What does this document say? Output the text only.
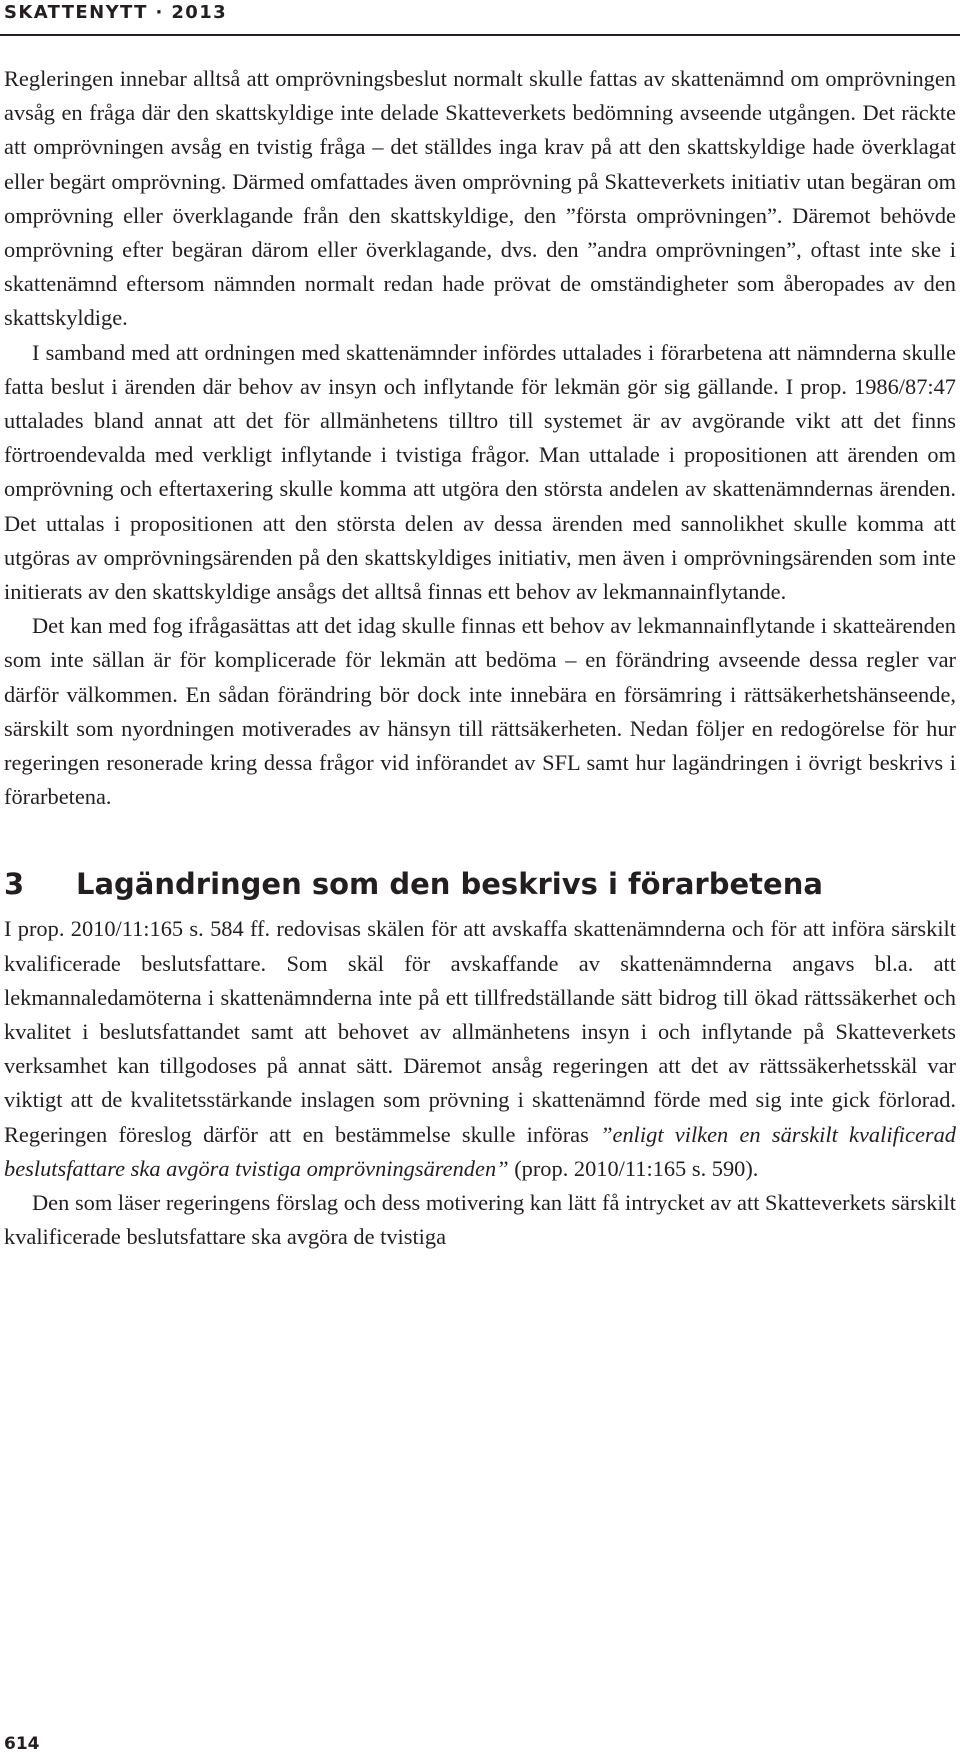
SKATTENYTT · 2013

Regleringen innebar alltså att omprövningsbeslut normalt skulle fattas av skattenämnd om omprövningen avsåg en fråga där den skattskyldige inte delade Skatteverkets bedömning avseende utgången. Det räckte att omprövningen avsåg en tvistig fråga – det ställdes inga krav på att den skattskyldige hade överklagat eller begärt omprövning. Därmed omfattades även omprövning på Skatteverkets initiativ utan begäran om omprövning eller överklagande från den skattskyldige, den ”första omprövningen”. Däremot behövde omprövning efter begäran därom eller överklagande, dvs. den ”andra omprövningen”, oftast inte ske i skattenämnd eftersom nämnden normalt redan hade prövat de omständigheter som åberopades av den skattskyldige.

I samband med att ordningen med skattenämnder infördes uttalades i förarbetena att nämnderna skulle fatta beslut i ärenden där behov av insyn och inflytande för lekmän gör sig gällande. I prop. 1986/87:47 uttalades bland annat att det för allmänhetens tilltro till systemet är av avgörande vikt att det finns förtroendevalda med verkligt inflytande i tvistiga frågor. Man uttalade i propositionen att ärenden om omprövning och eftertaxering skulle komma att utgöra den största andelen av skattenämndernas ärenden. Det uttalas i propositionen att den största delen av dessa ärenden med sannolikhet skulle komma att utgöras av omprövningsärenden på den skattskyldiges initiativ, men även i omprövningsärenden som inte initierats av den skattskyldige ansågs det alltså finnas ett behov av lekmannainflytande.

Det kan med fog ifrågasättas att det idag skulle finnas ett behov av lekmannainflytande i skatteärenden som inte sällan är för komplicerade för lekmän att bedöma – en förändring avseende dessa regler var därför välkommen. En sådan förändring bör dock inte innebära en försämring i rättsäkerhetshänseende, särskilt som nyordningen motiverades av hänsyn till rättsäkerheten. Nedan följer en redogörelse för hur regeringen resonerade kring dessa frågor vid införandet av SFL samt hur lagändringen i övrigt beskrivs i förarbetena.

3	Lagändringen som den beskrivs i förarbetena

I prop. 2010/11:165 s. 584 ff. redovisas skälen för att avskaffa skattenämnderna och för att införa särskilt kvalificerade beslutsfattare. Som skäl för avskaffande av skattenämnderna angavs bl.a. att lekmannaledamöterna i skattenämnderna inte på ett tillfredställande sätt bidrog till ökad rättssäkerhet och kvalitet i beslutsfattandet samt att behovet av allmänhetens insyn i och inflytande på Skatteverkets verksamhet kan tillgodoses på annat sätt. Däremot ansåg regeringen att det av rättssäkerhetsskäl var viktigt att de kvalitetsstärkande inslagen som prövning i skattenämnd förde med sig inte gick förlorad. Regeringen föreslog därför att en bestämmelse skulle införas ”enligt vilken en särskilt kvalificerad beslutsfattare ska avgöra tvistiga omprövningsärenden” (prop. 2010/11:165 s. 590).

Den som läser regeringens förslag och dess motivering kan lätt få intrycket av att Skatteverkets särskilt kvalificerade beslutsfattare ska avgöra de tvistiga

614
